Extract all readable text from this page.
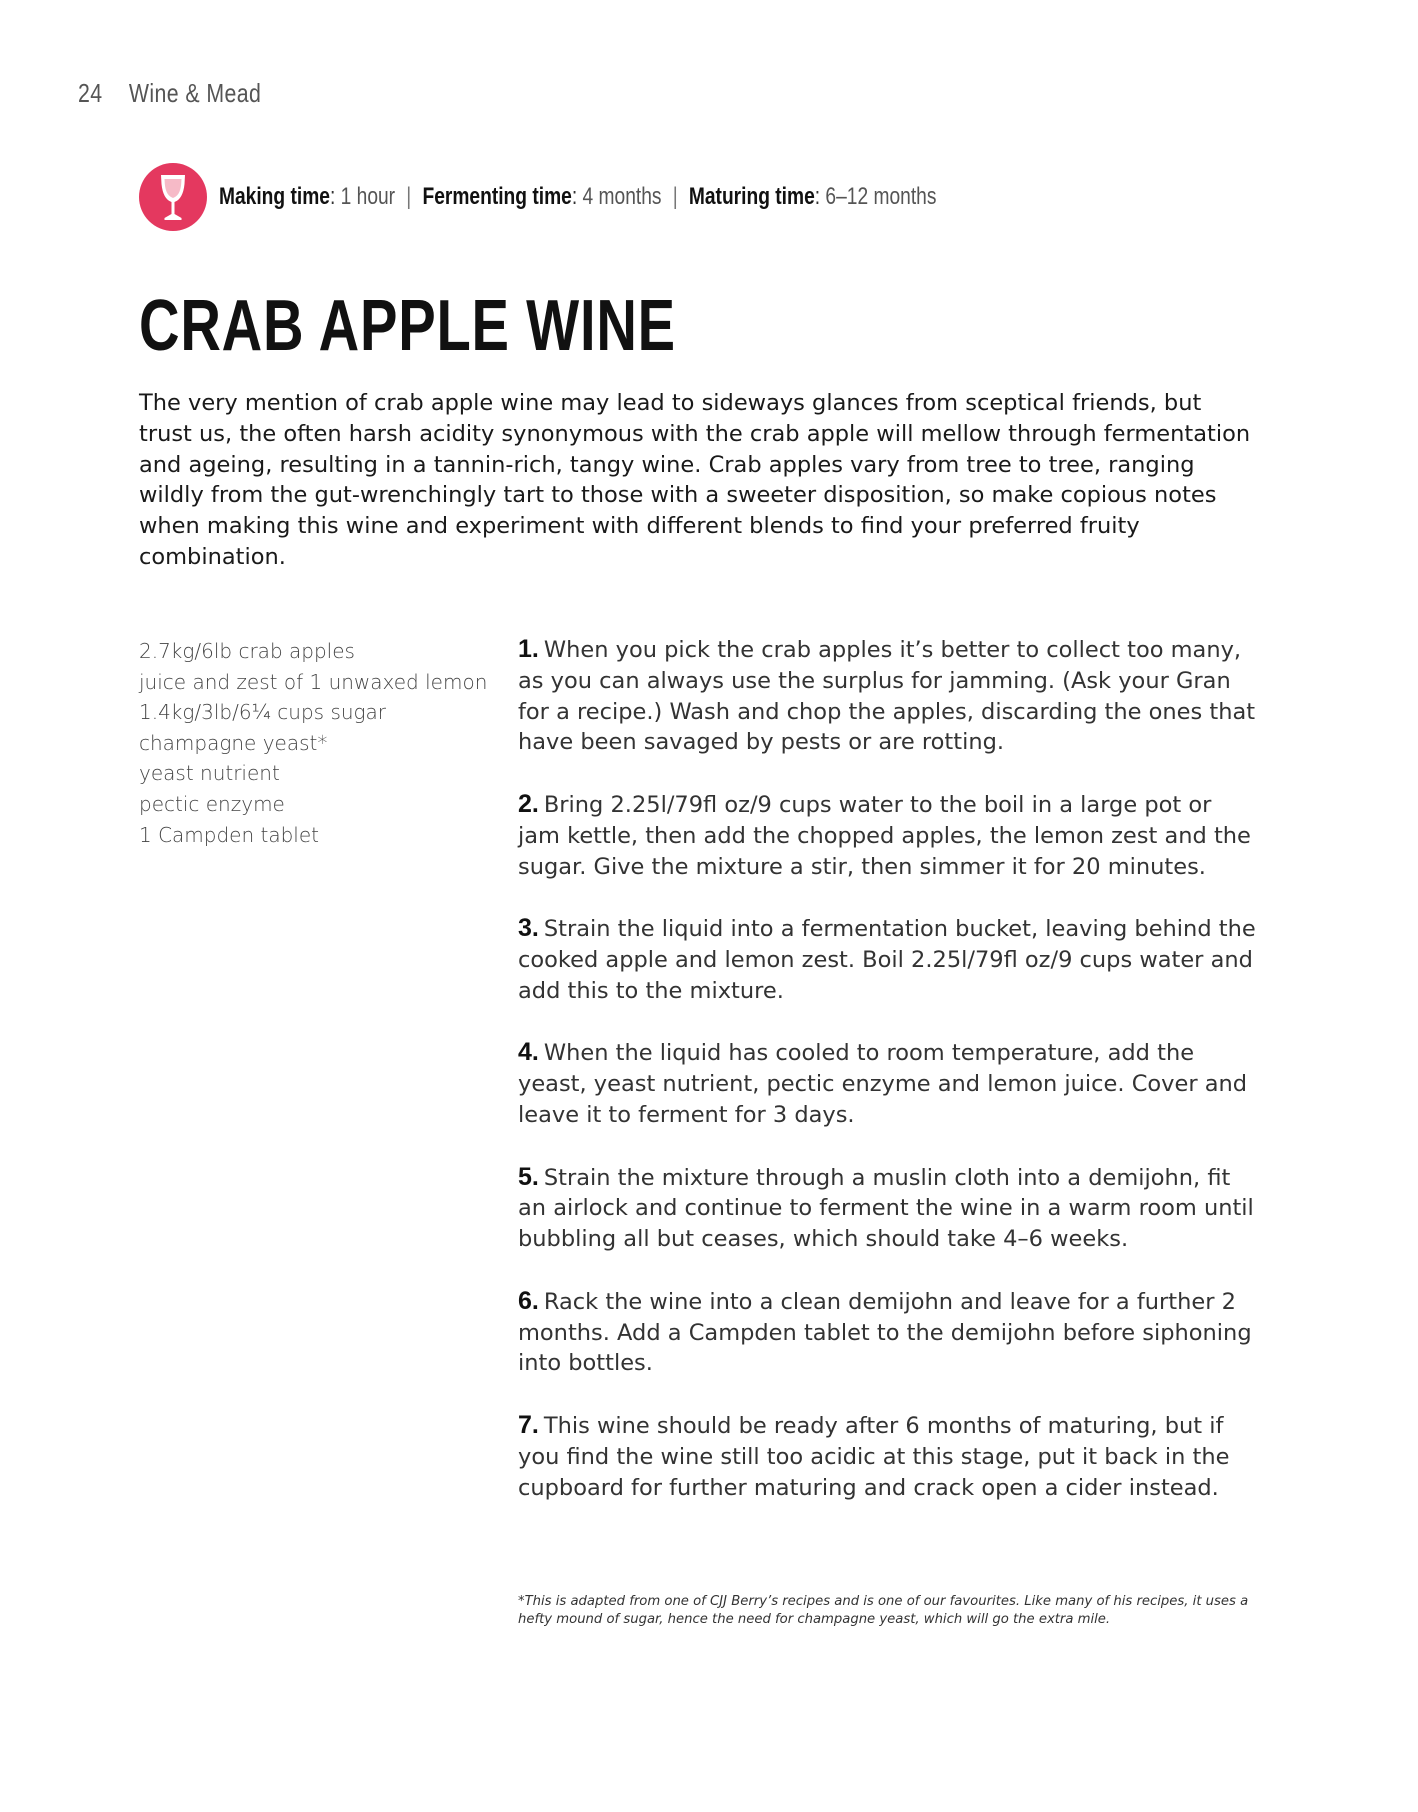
24 Wine & Mead
Making time: 1 hour | Fermenting time: 4 months | Maturing time: 6–12 months
CRAB APPLE WINE

The very mention of crab apple wine may lead to sideways glances from sceptical friends, but trust us, the often harsh acidity synonymous with the crab apple will mellow through fermentation and ageing, resulting in a tannin-rich, tangy wine. Crab apples vary from tree to tree, ranging wildly from the gut-wrenchingly tart to those with a sweeter disposition, so make copious notes when making this wine and experiment with different blends to find your preferred fruity combination.

2.7kg/6lb crab apples
juice and zest of 1 unwaxed lemon
1.4kg/3lb/6¼ cups sugar
champagne yeast*
yeast nutrient
pectic enzyme
1 Campden tablet

1. When you pick the crab apples it’s better to collect too many, as you can always use the surplus for jamming. (Ask your Gran for a recipe.) Wash and chop the apples, discarding the ones that have been savaged by pests or are rotting.

2. Bring 2.25l/79fl oz/9 cups water to the boil in a large pot or jam kettle, then add the chopped apples, the lemon zest and the sugar. Give the mixture a stir, then simmer it for 20 minutes.

3. Strain the liquid into a fermentation bucket, leaving behind the cooked apple and lemon zest. Boil 2.25l/79fl oz/9 cups water and add this to the mixture.

4. When the liquid has cooled to room temperature, add the yeast, yeast nutrient, pectic enzyme and lemon juice. Cover and leave it to ferment for 3 days.

5. Strain the mixture through a muslin cloth into a demijohn, fit an airlock and continue to ferment the wine in a warm room until bubbling all but ceases, which should take 4–6 weeks.

6. Rack the wine into a clean demijohn and leave for a further 2 months. Add a Campden tablet to the demijohn before siphoning into bottles.

7. This wine should be ready after 6 months of maturing, but if you find the wine still too acidic at this stage, put it back in the cupboard for further maturing and crack open a cider instead.

*This is adapted from one of CJJ Berry’s recipes and is one of our favourites. Like many of his recipes, it uses a hefty mound of sugar, hence the need for champagne yeast, which will go the extra mile.
